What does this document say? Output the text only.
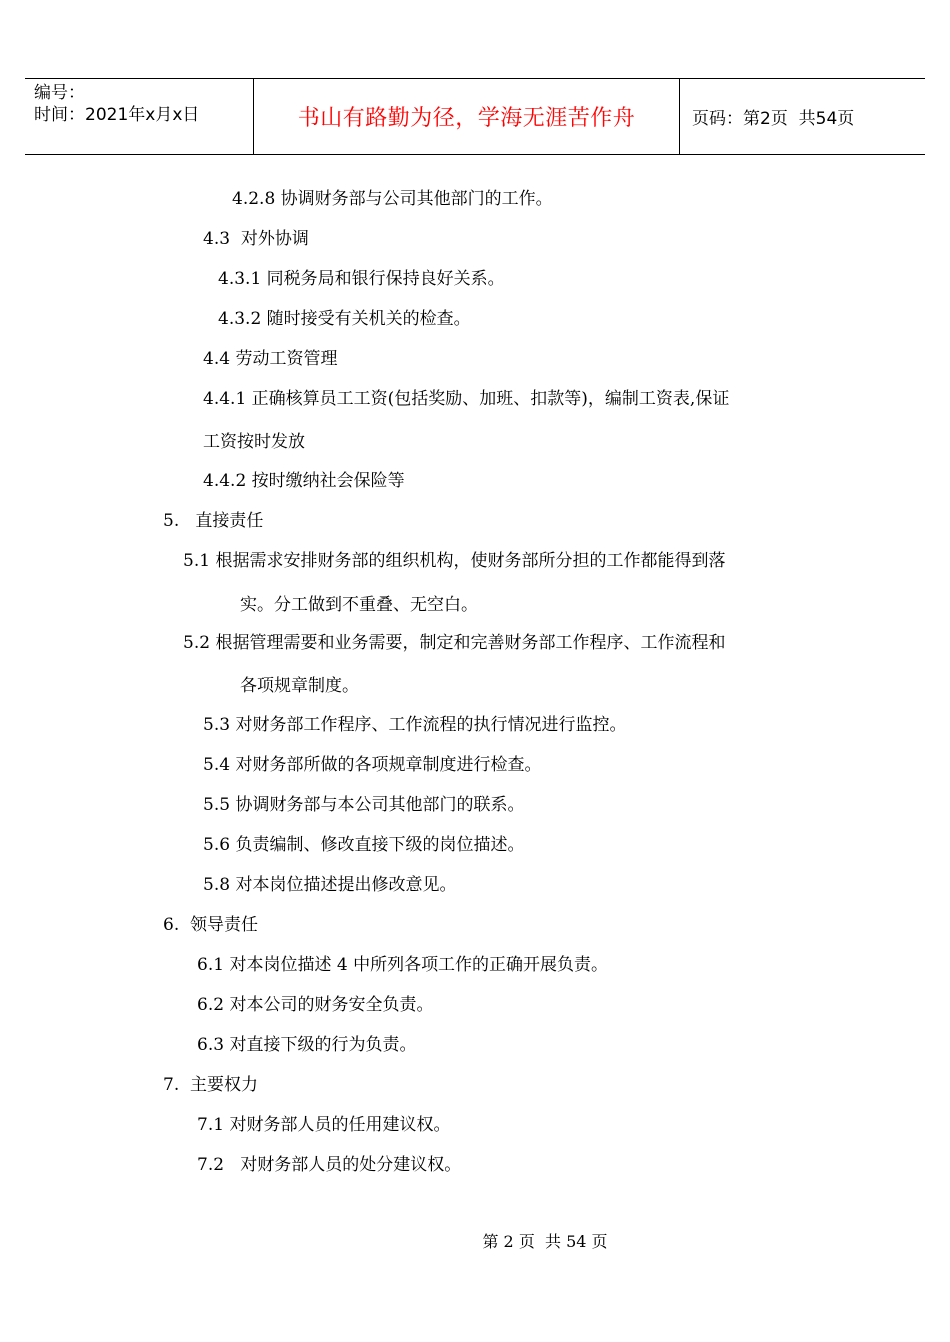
编号：
时间：2021年x月x日	书山有路勤为径，学海无涯苦作舟	页码：第2页  共54页
4.2.8 协调财务部与公司其他部门的工作。
4.3  对外协调
4.3.1 同税务局和银行保持良好关系。
4.3.2 随时接受有关机关的检查。
4.4 劳动工资管理
4.4.1 正确核算员工工资(包括奖励、加班、扣款等)，编制工资表,保证
工资按时发放
4.4.2 按时缴纳社会保险等
5.   直接责任
5.1 根据需求安排财务部的组织机构，使财务部所分担的工作都能得到落
实。分工做到不重叠、无空白。
5.2 根据管理需要和业务需要，制定和完善财务部工作程序、工作流程和
各项规章制度。
5.3 对财务部工作程序、工作流程的执行情况进行监控。
5.4 对财务部所做的各项规章制度进行检查。
5.5 协调财务部与本公司其他部门的联系。
5.6 负责编制、修改直接下级的岗位描述。
5.8 对本岗位描述提出修改意见。
6.  领导责任
6.1 对本岗位描述 4 中所列各项工作的正确开展负责。
6.2 对本公司的财务安全负责。
6.3 对直接下级的行为负责。
7.  主要权力
7.1 对财务部人员的任用建议权。
7.2   对财务部人员的处分建议权。
第 2 页  共 54 页
